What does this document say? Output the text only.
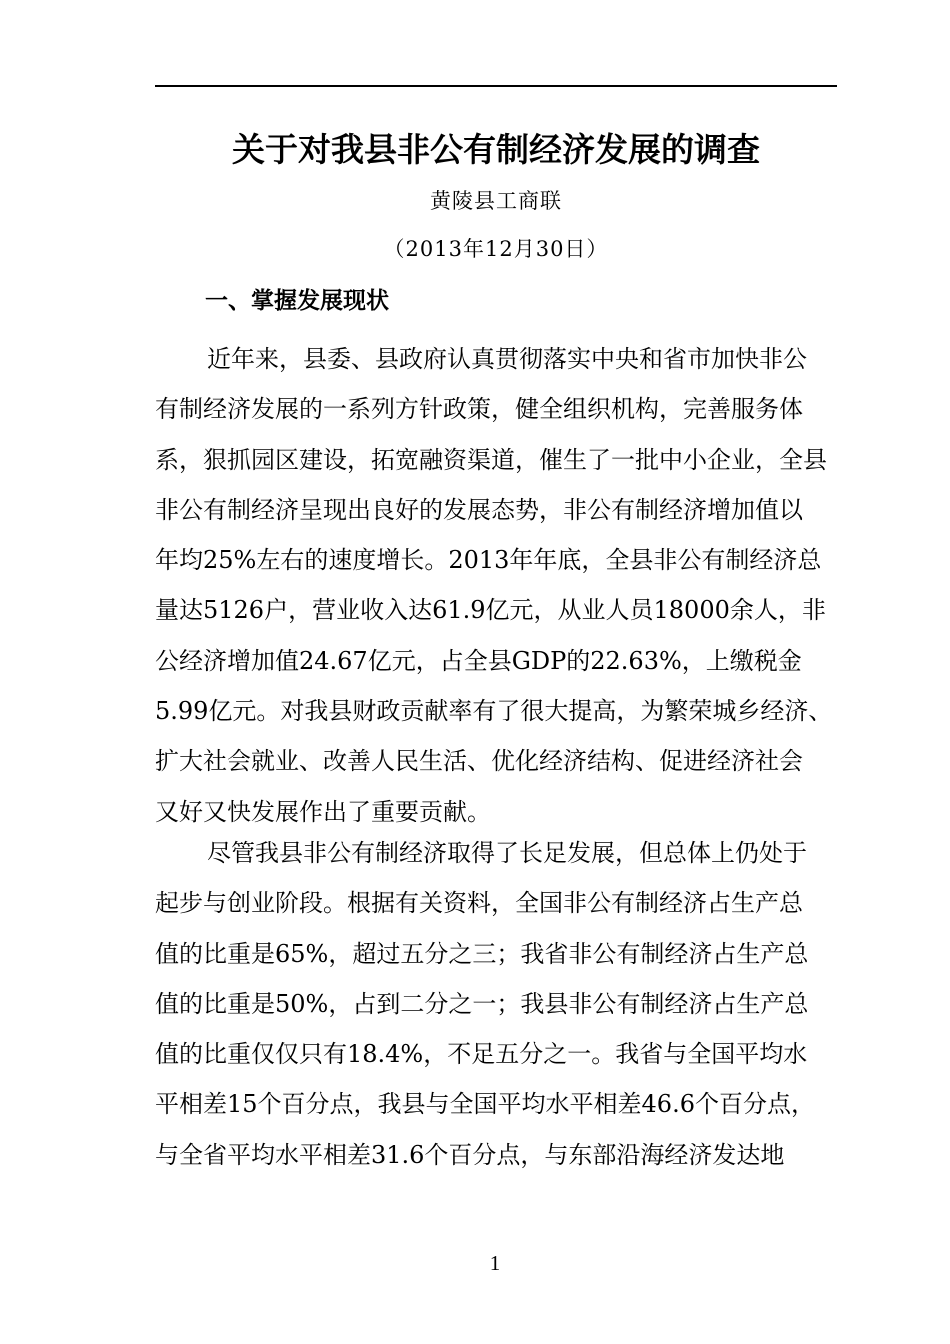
关于对我县非公有制经济发展的调查
黄陵县工商联
（2013年12月30日）
一、掌握发展现状
近年来，县委、县政府认真贯彻落实中央和省市加快非公
有制经济发展的一系列方针政策，健全组织机构，完善服务体
系，狠抓园区建设，拓宽融资渠道，催生了一批中小企业，全县
非公有制经济呈现出良好的发展态势，非公有制经济增加值以
年均25%左右的速度增长。2013年年底，全县非公有制经济总
量达5126户，营业收入达61.9亿元，从业人员18000余人，非
公经济增加值24.67亿元，占全县GDP的22.63%，上缴税金
5.99亿元。对我县财政贡献率有了很大提高，为繁荣城乡经济、
扩大社会就业、改善人民生活、优化经济结构、促进经济社会
又好又快发展作出了重要贡献。
尽管我县非公有制经济取得了长足发展，但总体上仍处于
起步与创业阶段。根据有关资料，全国非公有制经济占生产总
值的比重是65%，超过五分之三；我省非公有制经济占生产总
值的比重是50%，占到二分之一；我县非公有制经济占生产总
值的比重仅仅只有18.4%，不足五分之一。我省与全国平均水
平相差15个百分点，我县与全国平均水平相差46.6个百分点，
与全省平均水平相差31.6个百分点，与东部沿海经济发达地
1
